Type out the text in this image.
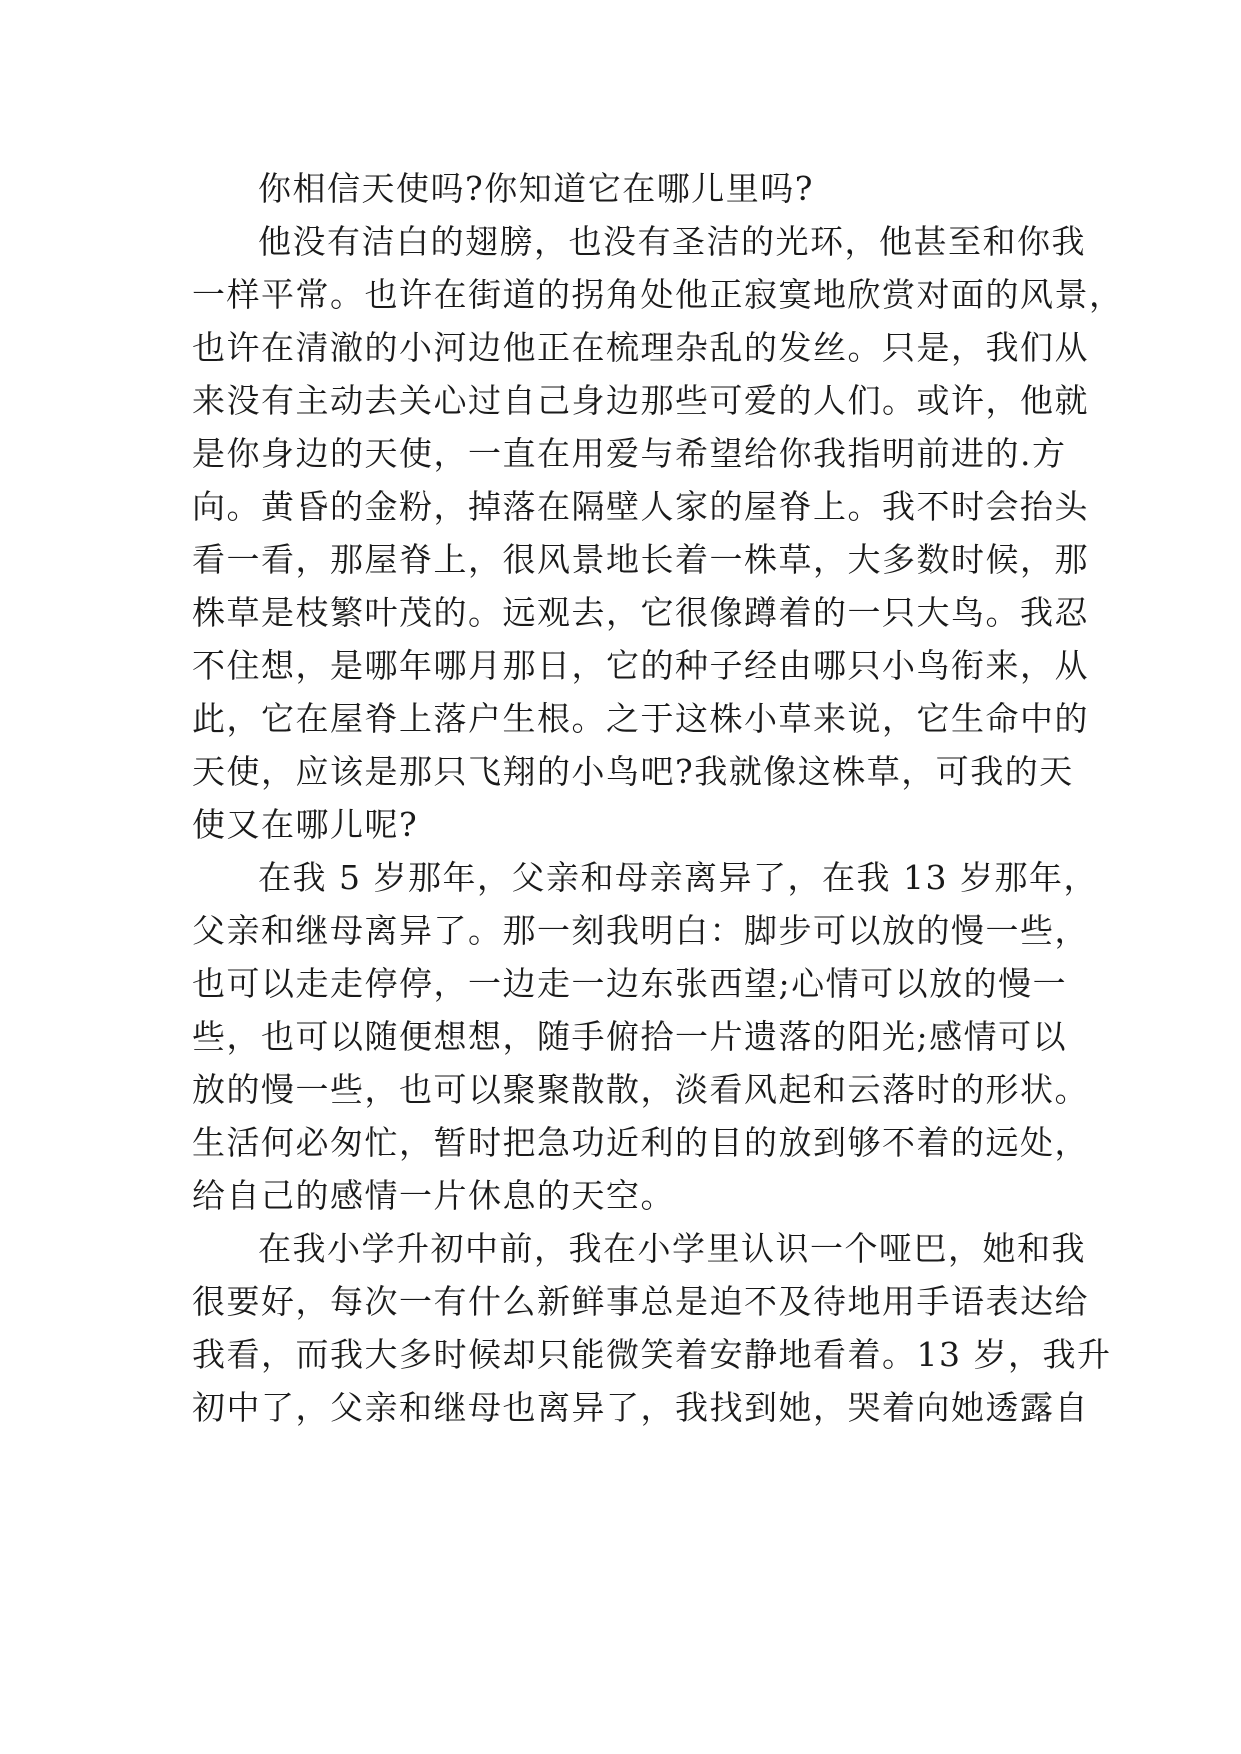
你相信天使吗?你知道它在哪儿里吗?
他没有洁白的翅膀，也没有圣洁的光环，他甚至和你我
一样平常。也许在街道的拐角处他正寂寞地欣赏对面的风景，
也许在清澈的小河边他正在梳理杂乱的发丝。只是，我们从
来没有主动去关心过自己身边那些可爱的人们。或许，他就
是你身边的天使，一直在用爱与希望给你我指明前进的.方
向。黄昏的金粉，掉落在隔壁人家的屋脊上。我不时会抬头
看一看，那屋脊上，很风景地长着一株草，大多数时候，那
株草是枝繁叶茂的。远观去，它很像蹲着的一只大鸟。我忍
不住想，是哪年哪月那日，它的种子经由哪只小鸟衔来，从
此，它在屋脊上落户生根。之于这株小草来说，它生命中的
天使，应该是那只飞翔的小鸟吧?我就像这株草，可我的天
使又在哪儿呢?
在我 5 岁那年，父亲和母亲离异了，在我 13 岁那年，
父亲和继母离异了。那一刻我明白：脚步可以放的慢一些，
也可以走走停停，一边走一边东张西望;心情可以放的慢一
些，也可以随便想想，随手俯拾一片遗落的阳光;感情可以
放的慢一些，也可以聚聚散散，淡看风起和云落时的形状。
生活何必匆忙，暂时把急功近利的目的放到够不着的远处，
给自己的感情一片休息的天空。
在我小学升初中前，我在小学里认识一个哑巴，她和我
很要好，每次一有什么新鲜事总是迫不及待地用手语表达给
我看，而我大多时候却只能微笑着安静地看着。13 岁，我升
初中了，父亲和继母也离异了，我找到她，哭着向她透露自
